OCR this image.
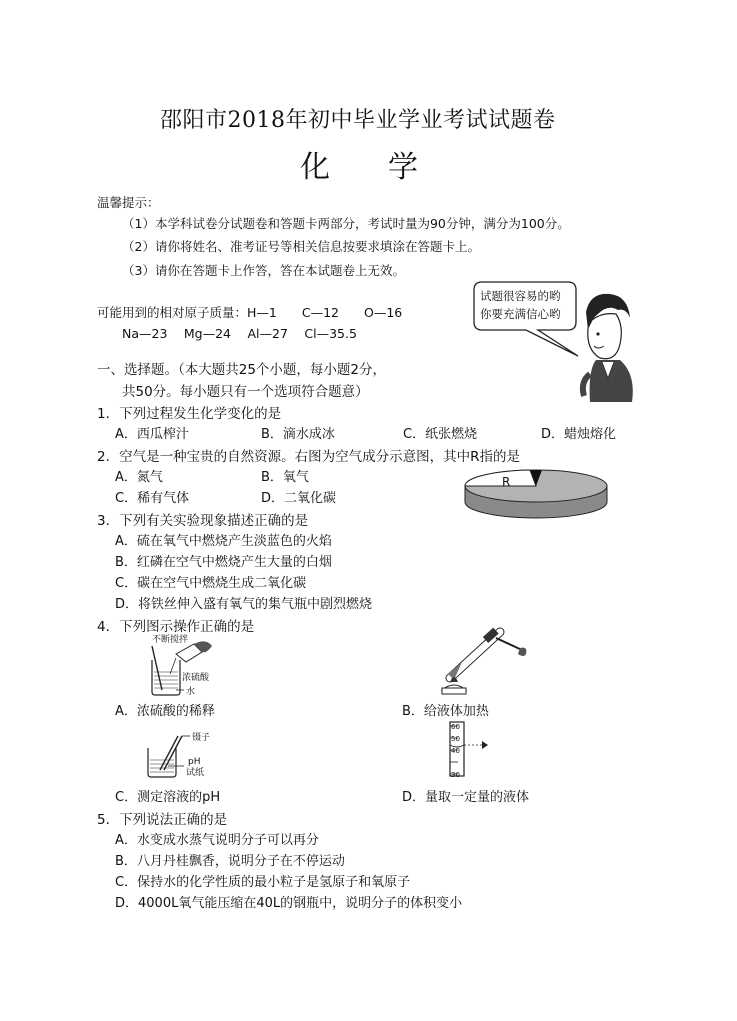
邵阳市2018年初中毕业学业考试试题卷
化学
温馨提示：
（1）本学科试卷分试题卷和答题卡两部分，考试时量为90分钟，满分为100分。
（2）请你将姓名、准考证号等相关信息按要求填涂在答题卡上。
（3）请你在答题卡上作答，答在本试题卷上无效。
可能用到的相对原子质量：H—1　　C—12　　O—16
Na—23　 Mg—24　 Al—27　 Cl—35.5
试题很容易的哟
你要充满信心哟
一、选择题。（本大题共25个小题，每小题2分，
共50分。每小题只有一个选项符合题意）
1．下列过程发生化学变化的是
A．西瓜榨汁	B．滴水成冰	C．纸张燃烧	D．蜡烛熔化
2．空气是一种宝贵的自然资源。右图为空气成分示意图，其中R指的是
A．氮气	B．氧气
C．稀有气体	D．二氧化碳
R
3．下列有关实验现象描述正确的是
A．硫在氧气中燃烧产生淡蓝色的火焰
B．红磷在空气中燃烧产生大量的白烟
C．碳在空气中燃烧生成二氧化碳
D．将铁丝伸入盛有氧气的集气瓶中剧烈燃烧
4．下列图示操作正确的是
不断搅拌
浓硫酸
水
A．浓硫酸的稀释	B．给液体加热
镊子
pH
试纸
C．测定溶液的pH
60
50
40
30
D．量取一定量的液体
5．下列说法正确的是
A．水变成水蒸气说明分子可以再分
B．八月丹桂飘香，说明分子在不停运动
C．保持水的化学性质的最小粒子是氢原子和氧原子
D．4000L氧气能压缩在40L的钢瓶中，说明分子的体积变小
